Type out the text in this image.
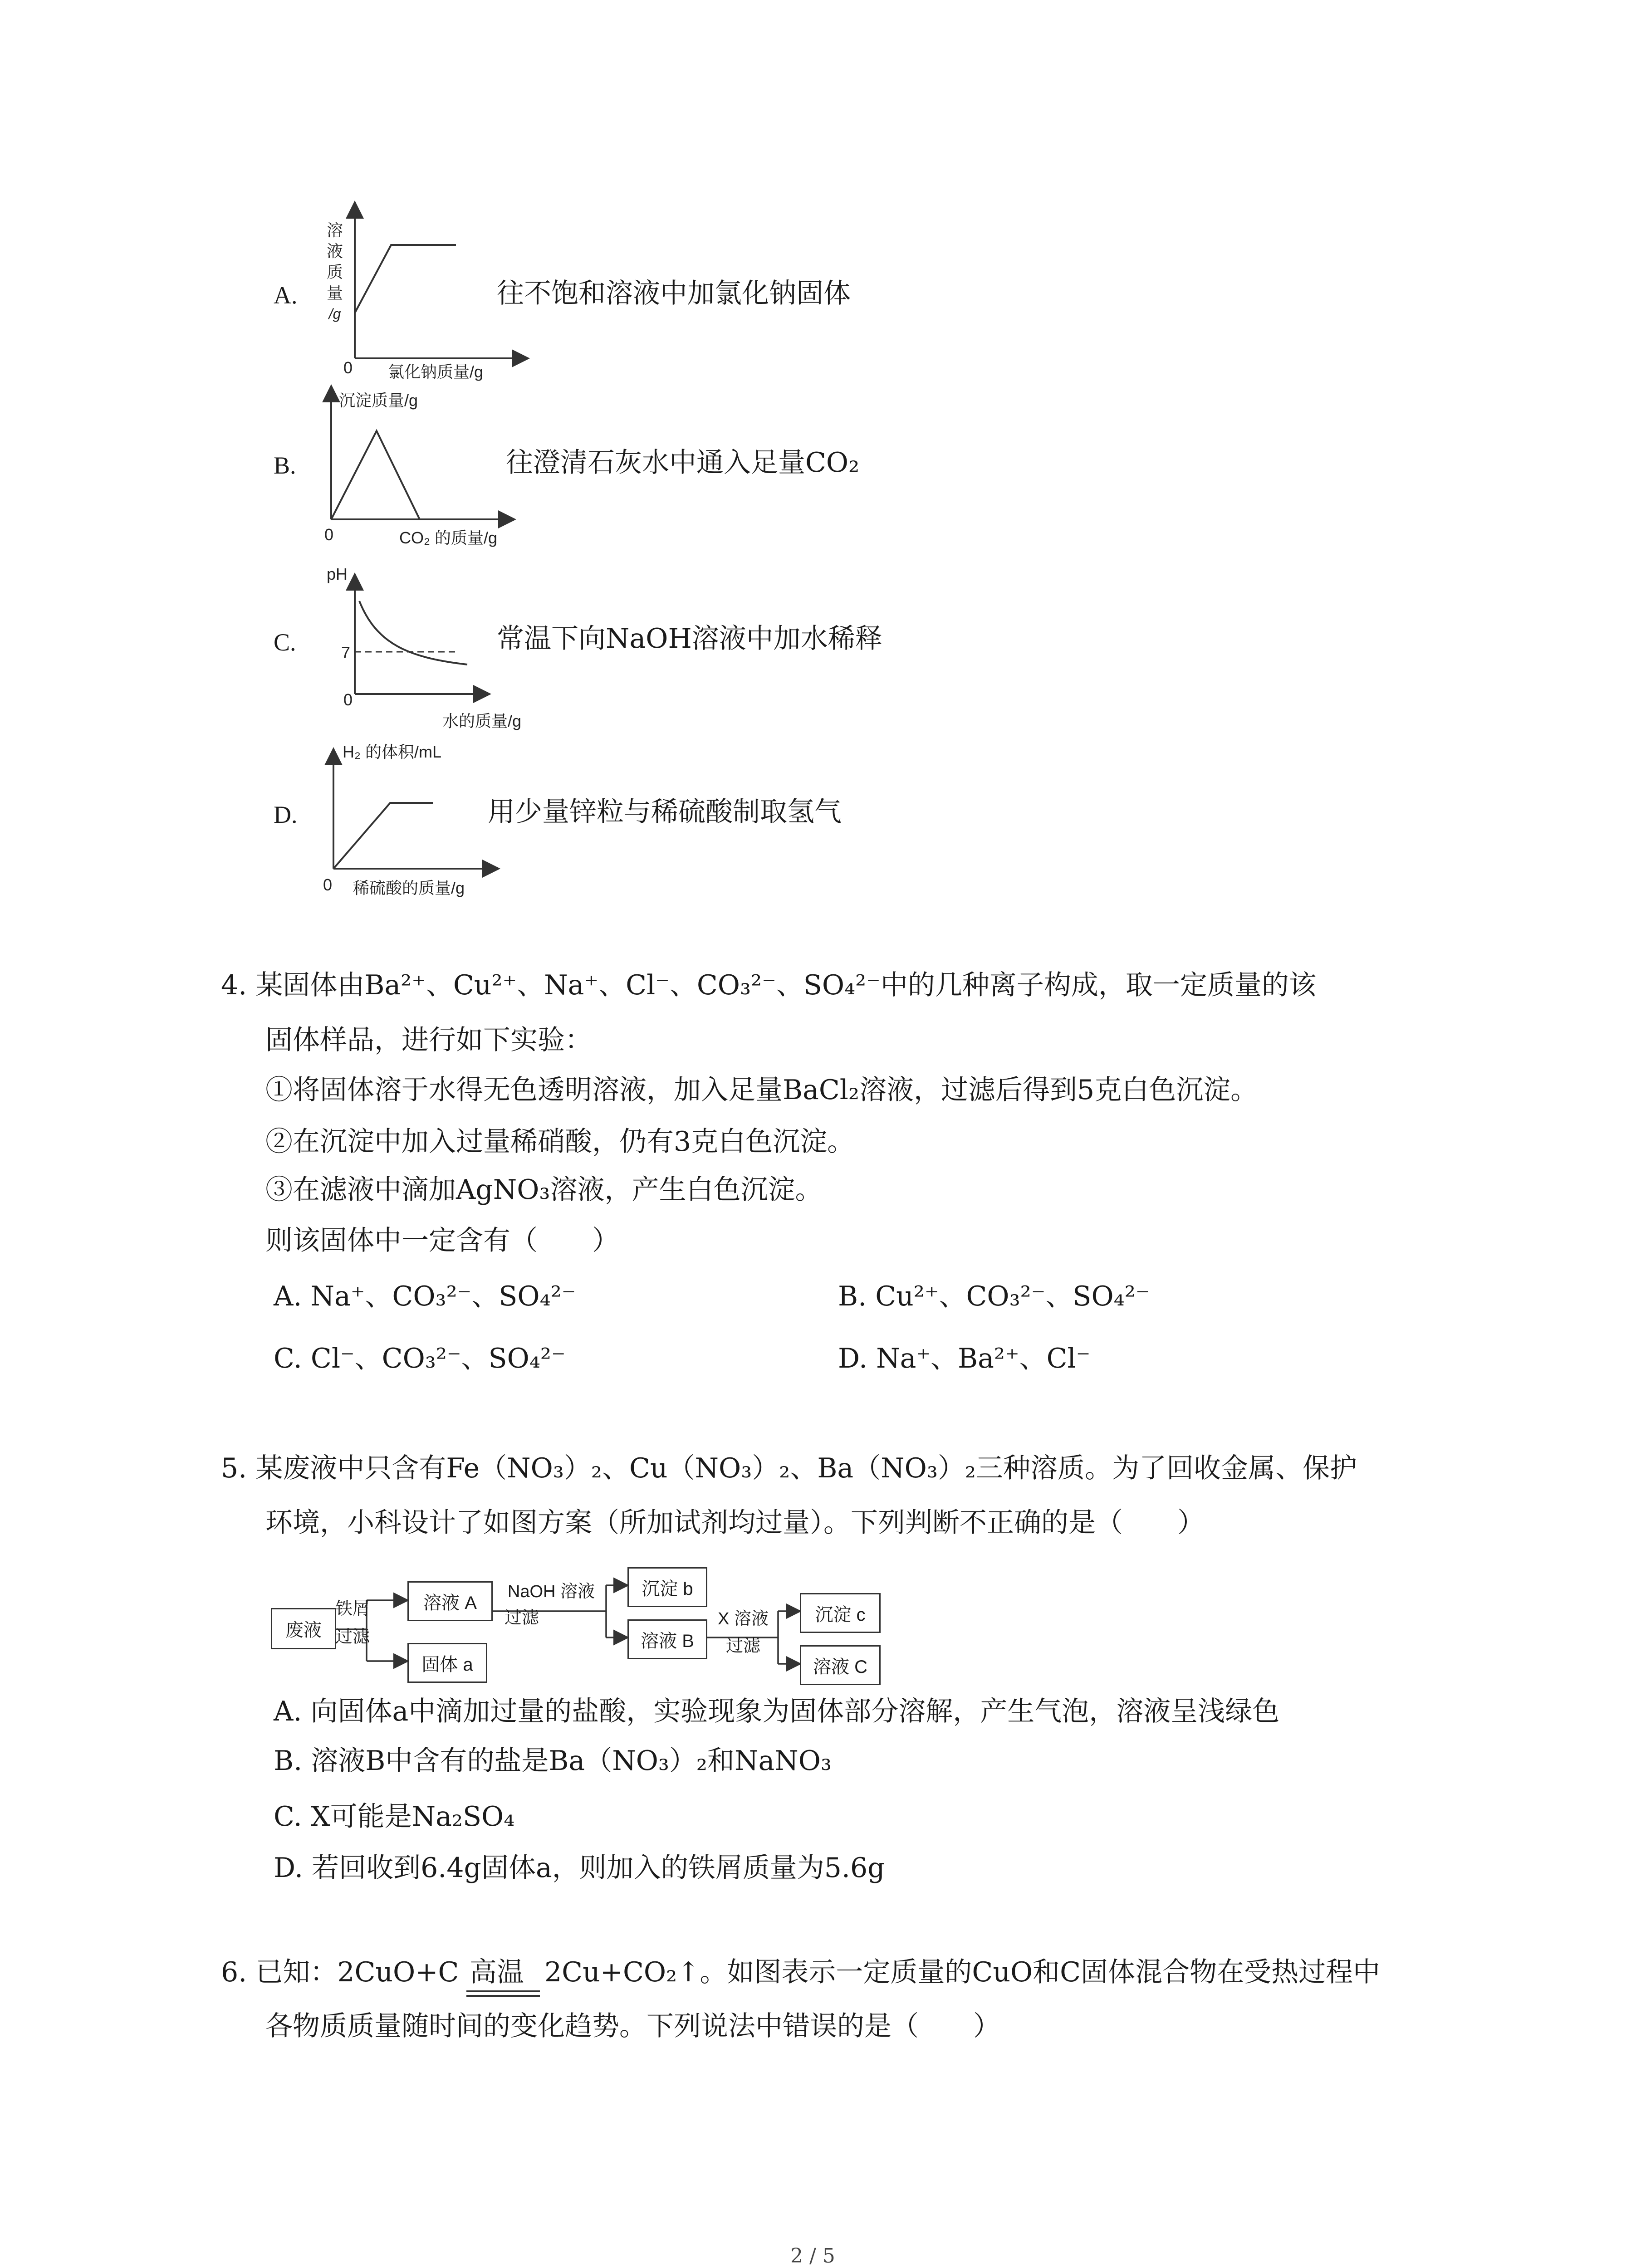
A.
溶
液
质
量
/g
0 氯化钠质量/g
往不饱和溶液中加氯化钠固体
B.
沉淀质量/g
0	CO₂ 的质量/g
往澄清石灰水中通入足量CO₂
C.
pH
7
0
水的质量/g
常温下向NaOH溶液中加水稀释
D.
H₂ 的体积/mL
0 稀硫酸的质量/g
用少量锌粒与稀硫酸制取氢气
4. 某固体由Ba²⁺、Cu²⁺、Na⁺、Cl⁻、CO₃²⁻、SO₄²⁻中的几种离子构成，取一定质量的该
固体样品，进行如下实验：
①将固体溶于水得无色透明溶液，加入足量BaCl₂溶液，过滤后得到5克白色沉淀。
②在沉淀中加入过量稀硝酸，仍有3克白色沉淀。
③在滤液中滴加AgNO₃溶液，产生白色沉淀。
则该固体中一定含有（　　）
A. Na⁺、CO₃²⁻、SO₄²⁻	B. Cu²⁺、CO₃²⁻、SO₄²⁻
C. Cl⁻、CO₃²⁻、SO₄²⁻	D. Na⁺、Ba²⁺、Cl⁻
5. 某废液中只含有Fe（NO₃）₂、Cu（NO₃）₂、Ba（NO₃）₂三种溶质。为了回收金属、保护
环境，小科设计了如图方案（所加试剂均过量）。下列判断不正确的是（　　）
废液
铁屑
过滤
溶液 A
固体 a
NaOH 溶液
过滤
沉淀 b
溶液 B
X 溶液
过滤
沉淀 c
溶液 C
A. 向固体a中滴加过量的盐酸，实验现象为固体部分溶解，产生气泡，溶液呈浅绿色
B. 溶液B中含有的盐是Ba（NO₃）₂和NaNO₃
C. X可能是Na₂SO₄
D. 若回收到6.4g固体a，则加入的铁屑质量为5.6g
6. 已知：2CuO+C 高温 2Cu+CO₂↑。如图表示一定质量的CuO和C固体混合物在受热过程中
各物质质量随时间的变化趋势。下列说法中错误的是（　　）
2 / 5
